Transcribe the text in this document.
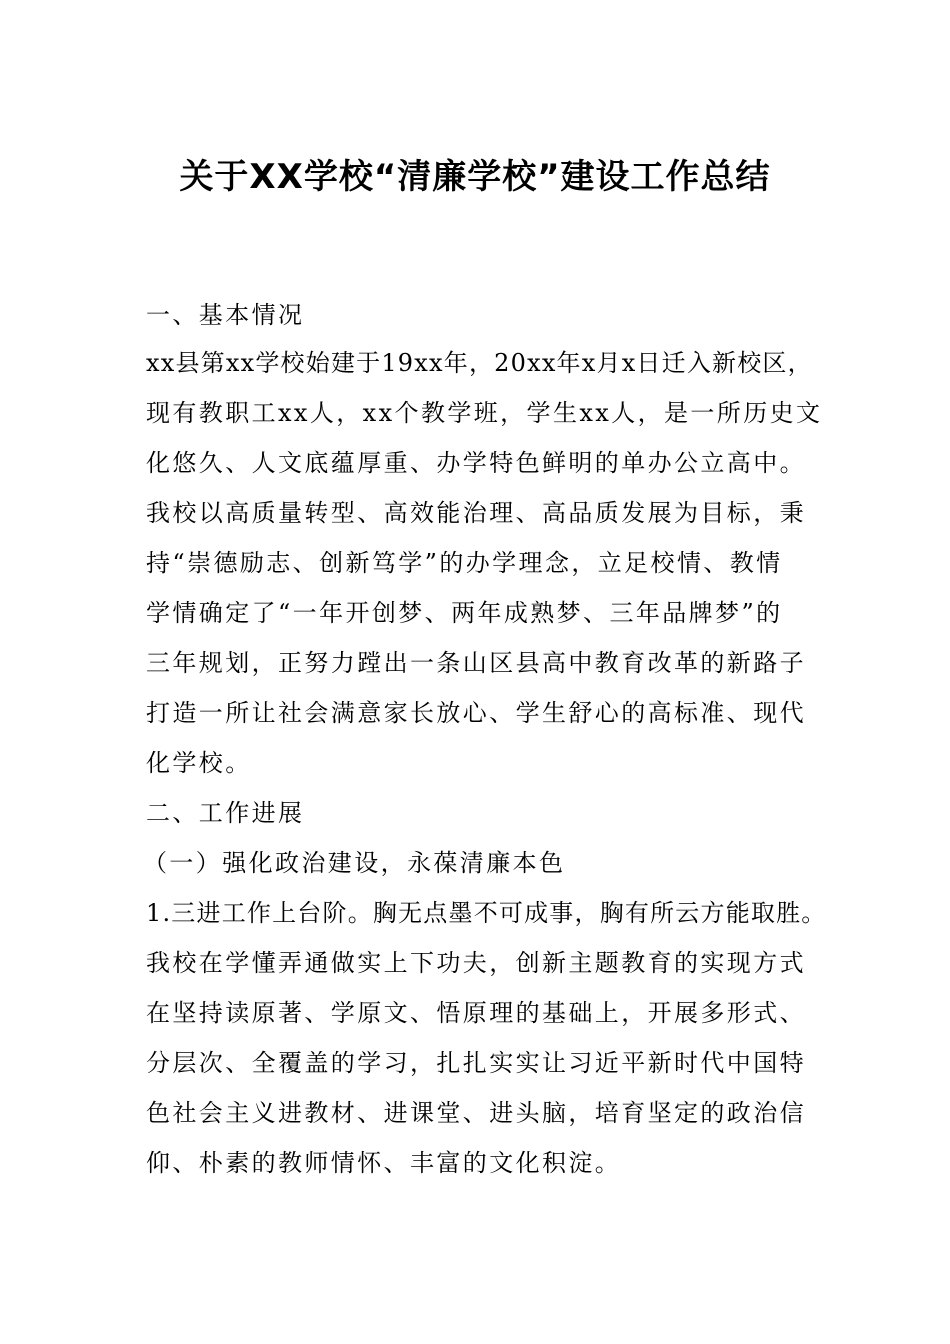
关于XX学校“清廉学校”建设工作总结
一、基本情况
xx县第xx学校始建于19xx年，20xx年x月x日迁入新校区，
现有教职工xx人，xx个教学班，学生xx人，是一所历史文
化悠久、人文底蕴厚重、办学特色鲜明的单办公立高中。
我校以高质量转型、高效能治理、高品质发展为目标，秉
持“崇德励志、创新笃学”的办学理念，立足校情、教情
学情确定了“一年开创梦、两年成熟梦、三年品牌梦”的
三年规划，正努力蹚出一条山区县高中教育改革的新路子
打造一所让社会满意家长放心、学生舒心的高标准、现代
化学校。
二、工作进展
（一）强化政治建设，永葆清廉本色
1.三进工作上台阶。胸无点墨不可成事，胸有所云方能取胜。
我校在学懂弄通做实上下功夫，创新主题教育的实现方式
在坚持读原著、学原文、悟原理的基础上，开展多形式、
分层次、全覆盖的学习，扎扎实实让习近平新时代中国特
色社会主义进教材、进课堂、进头脑，培育坚定的政治信
仰、朴素的教师情怀、丰富的文化积淀。
